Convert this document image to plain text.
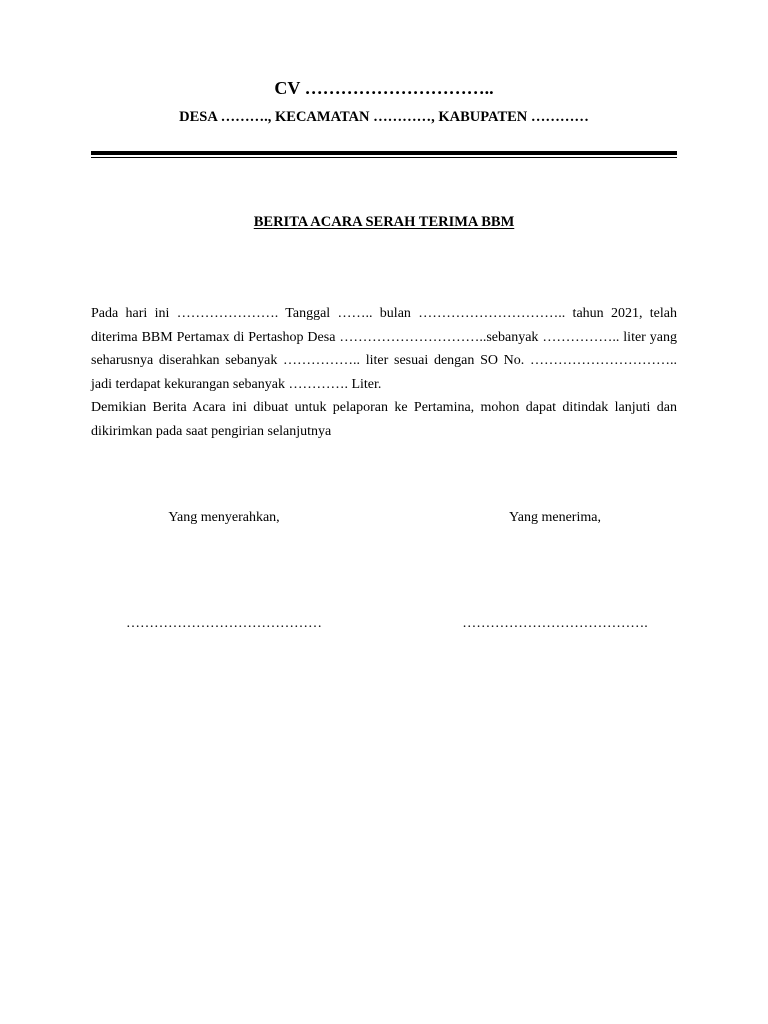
CV …………………………..
DESA ………., KECAMATAN …………, KABUPATEN …………
BERITA ACARA SERAH TERIMA BBM

Pada hari ini …………………. Tanggal …….. bulan ………………………….. tahun 2021, telah diterima BBM Pertamax di Pertashop Desa …………………………..sebanyak …………….. liter yang seharusnya diserahkan sebanyak …………….. liter sesuai dengan SO No. ………………………….. jadi terdapat kekurangan sebanyak …………. Liter.

Demikian Berita Acara ini dibuat untuk pelaporan ke Pertamina, mohon dapat ditindak lanjuti dan dikirimkan pada saat pengirian selanjutnya

Yang menyerahkan,	Yang menerima,
……………………………………	………………………………….
